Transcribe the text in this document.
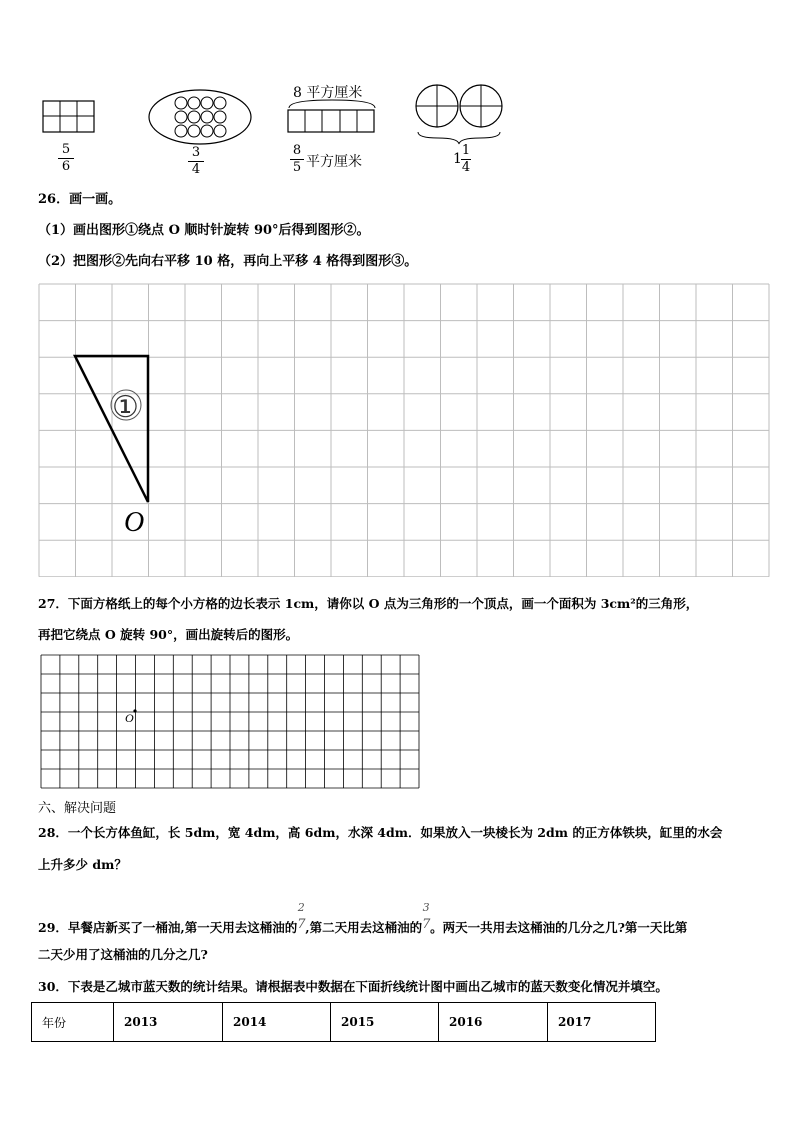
5
6
3
4
8 平方厘米
8
5 平方厘米	1
1
4
26．画一画。
（1）画出图形①绕点 O 顺时针旋转 90°后得到图形②。
（2）把图形②先向右平移 10 格，再向上平移 4 格得到图形③。
①
O
27．下面方格纸上的每个小方格的边长表示 1cm，请你以 O 点为三角形的一个顶点，画一个面积为 3cm²的三角形，
再把它绕点 O 旋转 90°，画出旋转后的图形。
O
六、解决问题
28．一个长方体鱼缸，长 5dm，宽 4dm，高 6dm，水深 4dm．如果放入一块棱长为 2dm 的正方体铁块，缸里的水会
上升多少 dm？
29．早餐店新买了一桶油,第一天用去这桶油的
2
7 ,第二天用去这桶油的
3
7 。两天一共用去这桶油的几分之几?第一天比第
二天少用了这桶油的几分之几?
30．下表是乙城市蓝天数的统计结果。请根据表中数据在下面折线统计图中画出乙城市的蓝天数变化情况并填空。
年份	2013	2014	2015	2016	2017
